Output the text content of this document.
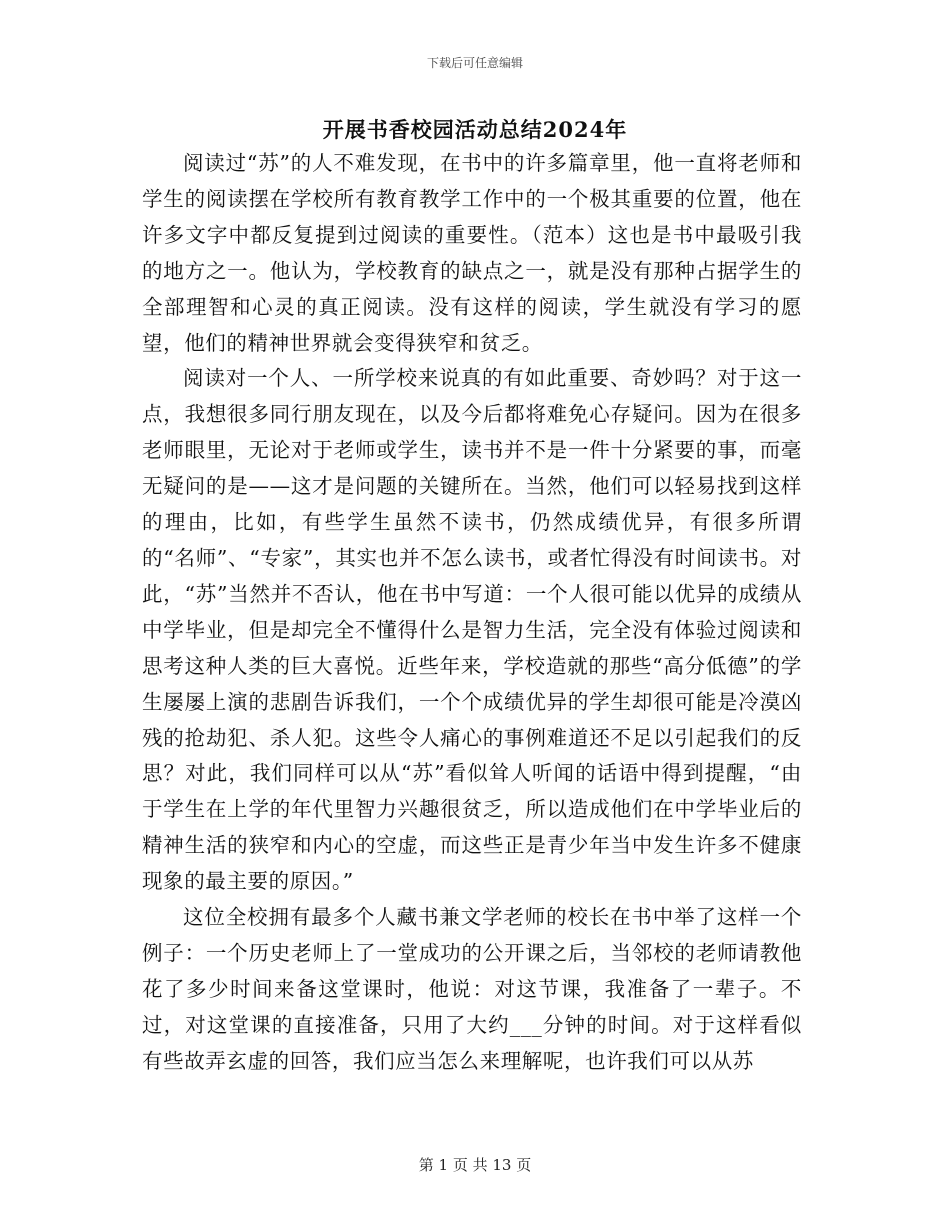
下载后可任意编辑
开展书香校园活动总结2024年

阅读过“苏”的人不难发现，在书中的许多篇章里，他一直将老师和学生的阅读摆在学校所有教育教学工作中的一个极其重要的位置，他在许多文字中都反复提到过阅读的重要性。（范本）这也是书中最吸引我的地方之一。他认为，学校教育的缺点之一，就是没有那种占据学生的全部理智和心灵的真正阅读。没有这样的阅读，学生就没有学习的愿望，他们的精神世界就会变得狭窄和贫乏。

阅读对一个人、一所学校来说真的有如此重要、奇妙吗？对于这一点，我想很多同行朋友现在，以及今后都将难免心存疑问。因为在很多老师眼里，无论对于老师或学生，读书并不是一件十分紧要的事，而毫无疑问的是——这才是问题的关键所在。当然，他们可以轻易找到这样的理由，比如，有些学生虽然不读书，仍然成绩优异，有很多所谓的“名师”、“专家”，其实也并不怎么读书，或者忙得没有时间读书。对此，“苏”当然并不否认，他在书中写道：一个人很可能以优异的成绩从中学毕业，但是却完全不懂得什么是智力生活，完全没有体验过阅读和思考这种人类的巨大喜悦。近些年来，学校造就的那些“高分低德”的学生屡屡上演的悲剧告诉我们，一个个成绩优异的学生却很可能是冷漠凶残的抢劫犯、杀人犯。这些令人痛心的事例难道还不足以引起我们的反思？对此，我们同样可以从“苏”看似耸人听闻的话语中得到提醒，“由于学生在上学的年代里智力兴趣很贫乏，所以造成他们在中学毕业后的精神生活的狭窄和内心的空虚，而这些正是青少年当中发生许多不健康现象的最主要的原因。”

这位全校拥有最多个人藏书兼文学老师的校长在书中举了这样一个例子：一个历史老师上了一堂成功的公开课之后，当邻校的老师请教他花了多少时间来备这堂课时，他说：对这节课，我准备了一辈子。不过，对这堂课的直接准备，只用了大约___分钟的时间。对于这样看似有些故弄玄虚的回答，我们应当怎么来理解呢，也许我们可以从苏

第 1 页 共 13 页
